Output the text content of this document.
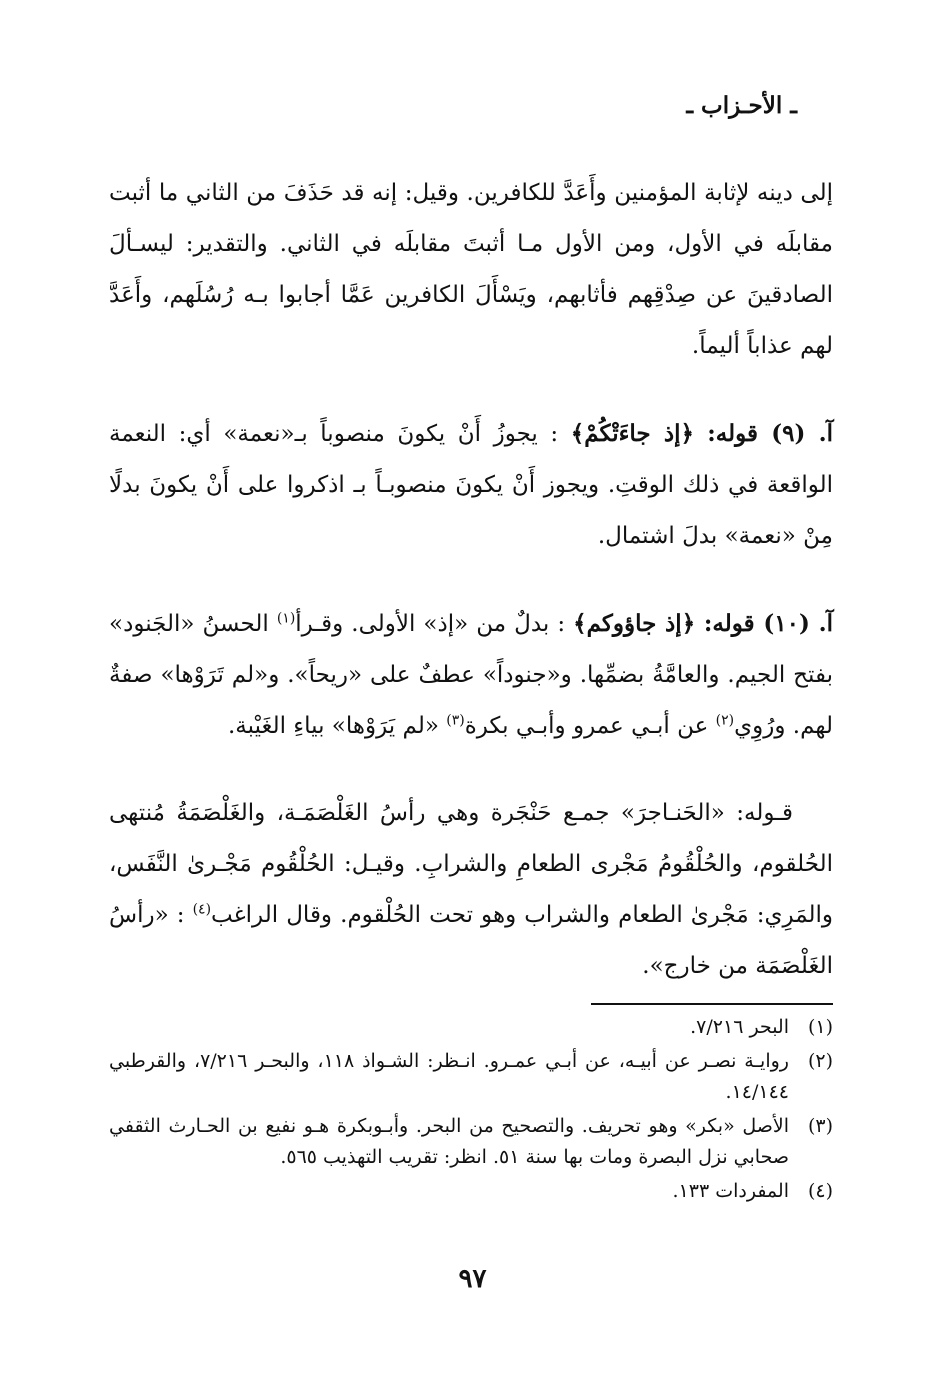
ـ الأحـزاب ـ

إلى دينه لإثابة المؤمنين وأَعَدَّ للكافرين. وقيل: إنه قد حَذَفَ من الثاني ما أثبت مقابلَه في الأول، ومن الأول مـا أثبتَ مقابلَه في الثاني. والتقدير: ليسـألَ الصادقينَ عن صِدْقِهم فأثابهم، ويَسْأَلَ الكافرين عَمَّا أجابوا بـه رُسُلَهم، وأَعَدَّ لهم عذاباً أليماً.

آ. (٩) قوله: ﴿إذ جاءَتْكُمْ﴾ : يجوزُ أَنْ يكونَ منصوباً بـ«نعمة» أي: النعمة الواقعة في ذلك الوقتِ. ويجوز أَنْ يكونَ منصوبـاً بـ اذكروا على أَنْ يكونَ بدلًا مِنْ «نعمة» بدلَ اشتمال.

آ. (١٠) قوله: ﴿إذ جاؤوكم﴾ : بدلٌ من «إذ» الأولى. وقـرأ$^{(١)}$ الحسنُ «الجَنود» بفتح الجيم. والعامَّةُ بضمِّها. و«جنوداً» عطفٌ على «ريحاً». و«لم تَرَوْها» صفةٌ لهم. ورُوِي$^{(٢)}$ عن أبـي عمرو وأبـي بكرة$^{(٣)}$ «لم يَرَوْها» بياءِ الغَيْبة.

قـوله: «الحَنـاجرَ» جمـع حَنْجَرة وهي رأسُ الغَلْصَمَـة، والغَلْصَمَةُ مُنتهى الحُلقوم، والحُلْقُومُ مَجْرى الطعامِ والشرابِ. وقيـل: الحُلْقُوم مَجْـرىٰ النَّفَس، والمَرِي: مَجْرىٰ الطعام والشراب وهو تحت الحُلْقوم. وقال الراغب$^{(٤)}$ : «رأسُ الغَلْصَمَة من خارج».

(١)
البحر ٧/٢١٦.
(٢)
روايـة نصـر عن أبيـه، عن أبـي عمـرو. انـظر: الشـواذ ١١٨، والبحـر ٧/٢١٦، والقرطبي ١٤/١٤٤.
(٣)
الأصل «بكر» وهو تحريف. والتصحيح من البحر. وأبـوبكرة هـو نفيع بن الحـارث الثقفي صحابي نزل البصرة ومات بها سنة ٥١. انظر: تقريب التهذيب ٥٦٥.
(٤)
المفردات ١٣٣.
٩٧
